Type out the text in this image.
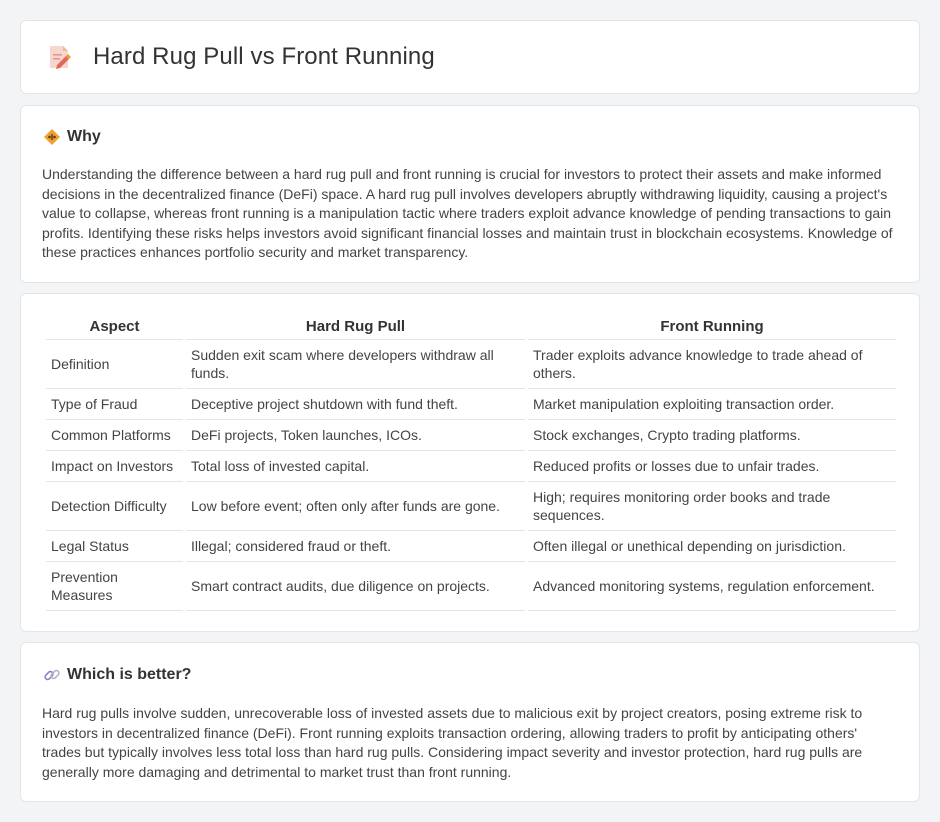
Hard Rug Pull vs Front Running
Why

Understanding the difference between a hard rug pull and front running is crucial for investors to protect their assets and make informed decisions in the decentralized finance (DeFi) space. A hard rug pull involves developers abruptly withdrawing liquidity, causing a project's value to collapse, whereas front running is a manipulation tactic where traders exploit advance knowledge of pending transactions to gain profits. Identifying these risks helps investors avoid significant financial losses and maintain trust in blockchain ecosystems. Knowledge of these practices enhances portfolio security and market transparency.

Aspect	Hard Rug Pull	Front Running
Definition	Sudden exit scam where developers withdraw all funds.	Trader exploits advance knowledge to trade ahead of others.
Type of Fraud	Deceptive project shutdown with fund theft.	Market manipulation exploiting transaction order.
Common Platforms	DeFi projects, Token launches, ICOs.	Stock exchanges, Crypto trading platforms.
Impact on Investors	Total loss of invested capital.	Reduced profits or losses due to unfair trades.
Detection Difficulty	Low before event; often only after funds are gone.	High; requires monitoring order books and trade sequences.
Legal Status	Illegal; considered fraud or theft.	Often illegal or unethical depending on jurisdiction.
Prevention Measures	Smart contract audits, due diligence on projects.	Advanced monitoring systems, regulation enforcement.
Which is better?

Hard rug pulls involve sudden, unrecoverable loss of invested assets due to malicious exit by project creators, posing extreme risk to investors in decentralized finance (DeFi). Front running exploits transaction ordering, allowing traders to profit by anticipating others' trades but typically involves less total loss than hard rug pulls. Considering impact severity and investor protection, hard rug pulls are generally more damaging and detrimental to market trust than front running.
